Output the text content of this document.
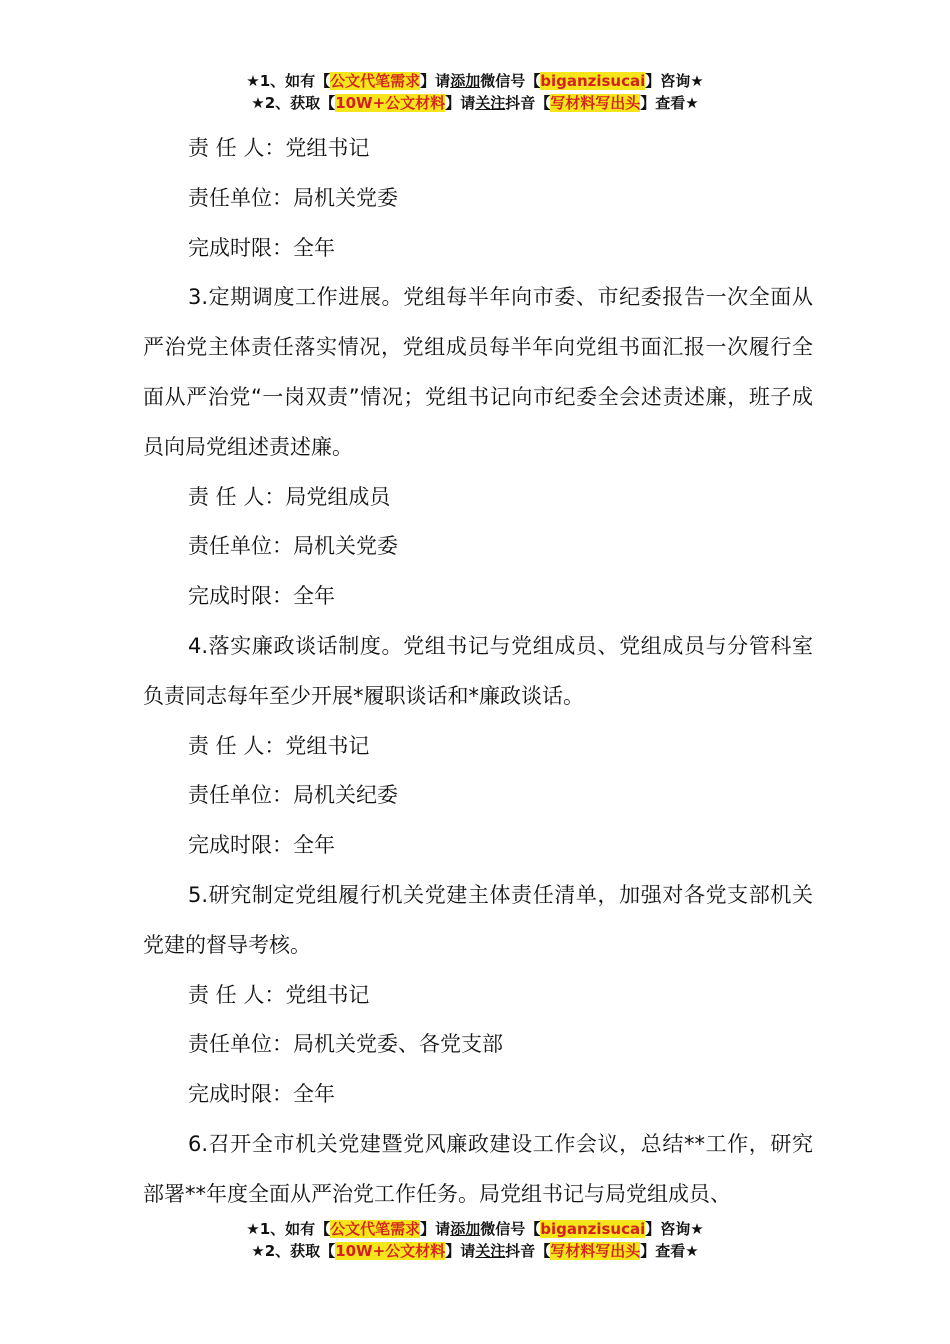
★1、如有【公文代笔需求】请添加微信号【biganzisucai】咨询★
★2、获取【10W+公文材料】请关注抖音【写材料写出头】查看★

责 任 人：党组书记

责任单位：局机关党委

完成时限：全年

3.定期调度工作进展。党组每半年向市委、市纪委报告一次全面从严治党主体责任落实情况，党组成员每半年向党组书面汇报一次履行全面从严治党“一岗双责”情况；党组书记向市纪委全会述责述廉，班子成员向局党组述责述廉。

责 任 人：局党组成员

责任单位：局机关党委

完成时限：全年

4.落实廉政谈话制度。党组书记与党组成员、党组成员与分管科室负责同志每年至少开展*履职谈话和*廉政谈话。

责 任 人：党组书记

责任单位：局机关纪委

完成时限：全年

5.研究制定党组履行机关党建主体责任清单，加强对各党支部机关党建的督导考核。

责 任 人：党组书记

责任单位：局机关党委、各党支部

完成时限：全年

6.召开全市机关党建暨党风廉政建设工作会议，总结**工作，研究部署**年度全面从严治党工作任务。局党组书记与局党组成员、

★1、如有【公文代笔需求】请添加微信号【biganzisucai】咨询★
★2、获取【10W+公文材料】请关注抖音【写材料写出头】查看★
